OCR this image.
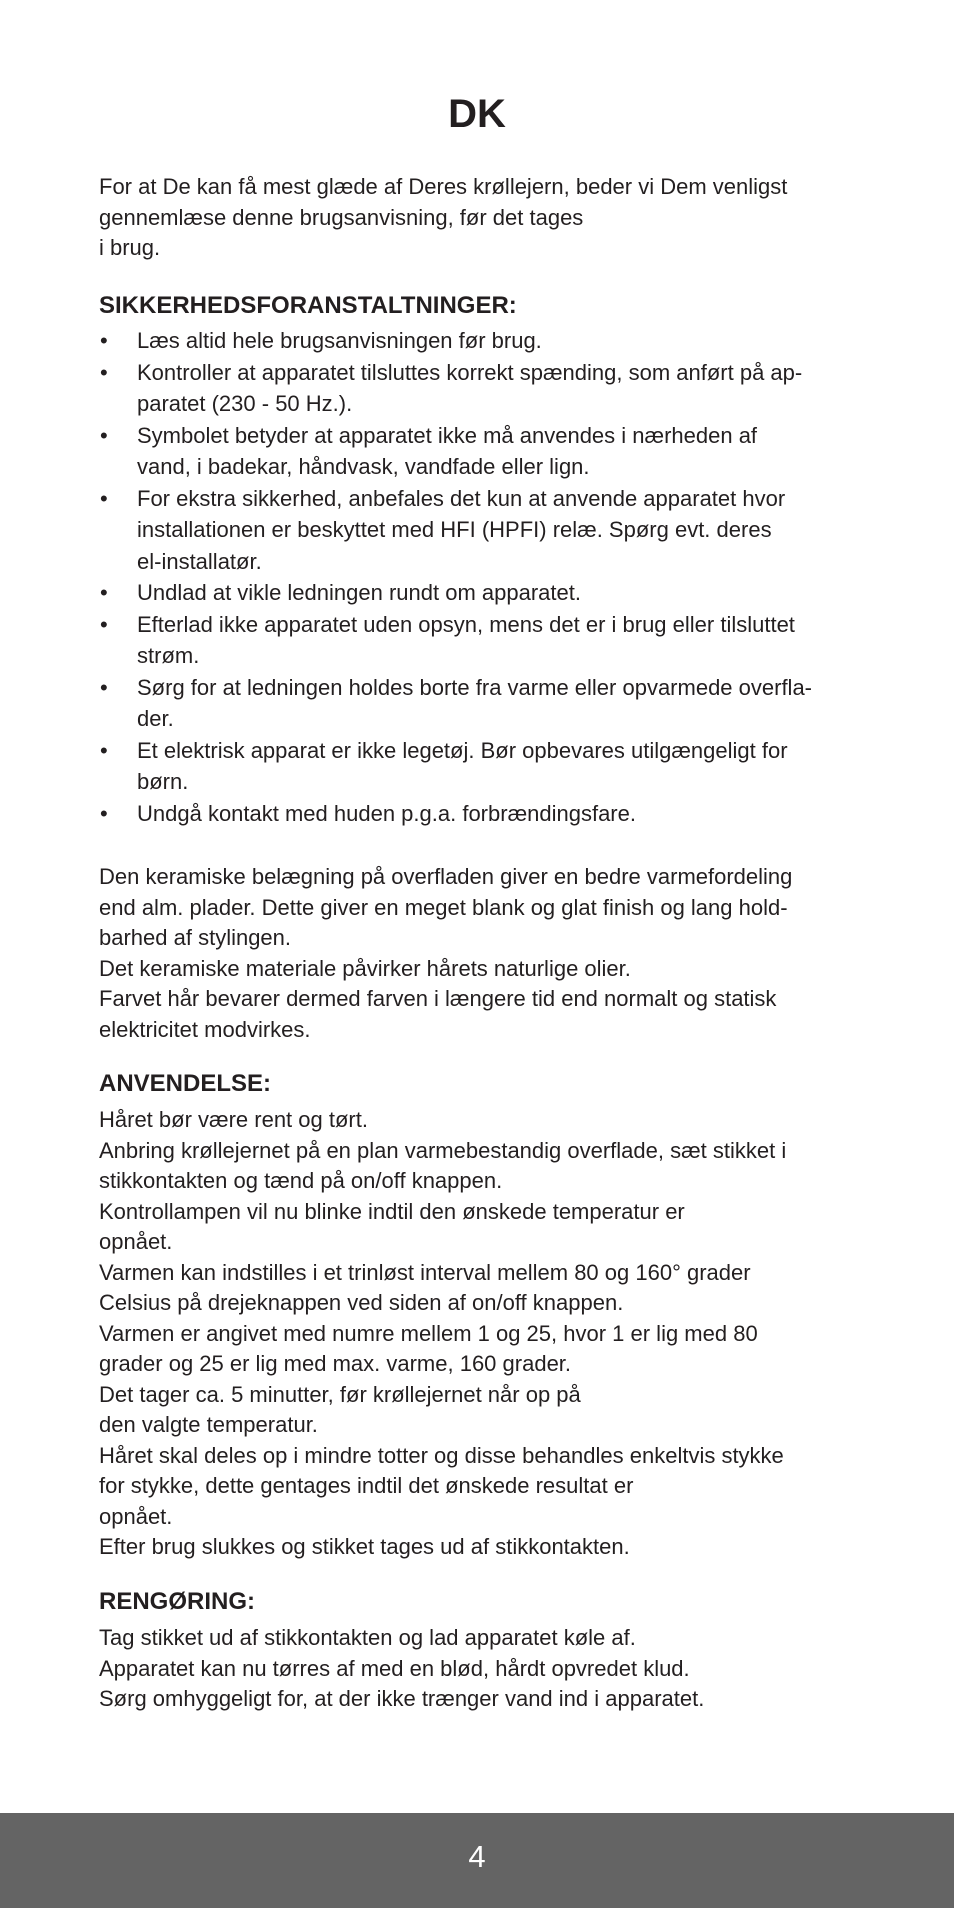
DK

For at De kan få mest glæde af Deres krøllejern, beder vi Dem venligst
gennemlæse denne brugsanvisning, før det tages
i brug.

SIKKERHEDSFORANSTALTNINGER:
•	Læs altid hele brugsanvisningen før brug.
•	Kontroller at apparatet tilsluttes korrekt spænding, som anført på ap-
paratet (230 - 50 Hz.).
•	Symbolet betyder at apparatet ikke må anvendes i nærheden af
vand, i badekar, håndvask, vandfade eller lign.
•	For ekstra sikkerhed, anbefales det kun at anvende apparatet hvor
installationen er beskyttet med HFI (HPFI) relæ. Spørg evt. deres
el-installatør.
•	Undlad at vikle ledningen rundt om apparatet.
•	Efterlad ikke apparatet uden opsyn, mens det er i brug eller tilsluttet
strøm.
•	Sørg for at ledningen holdes borte fra varme eller opvarmede overfla-
der.
•	Et elektrisk apparat er ikke legetøj. Bør opbevares utilgængeligt for
børn.
•	Undgå kontakt med huden p.g.a. forbrændingsfare.

Den keramiske belægning på overfladen giver en bedre varmefordeling
end alm. plader. Dette giver en meget blank og glat finish og lang hold-
barhed af stylingen.
Det keramiske materiale påvirker hårets naturlige olier.
Farvet hår bevarer dermed farven i længere tid end normalt og statisk
elektricitet modvirkes.

ANVENDELSE:

Håret bør være rent og tørt.
Anbring krøllejernet på en plan varmebestandig overflade, sæt stikket i
stikkontakten og tænd på on/off knappen.
Kontrollampen vil nu blinke indtil den ønskede temperatur er
opnået.
Varmen kan indstilles i et trinløst interval mellem 80 og 160° grader
Celsius på drejeknappen ved siden af on/off knappen.
Varmen er angivet med numre mellem 1 og 25, hvor 1 er lig med 80
grader og 25 er lig med max. varme, 160 grader.
Det tager ca. 5 minutter, før krøllejernet når op på
den valgte temperatur.
Håret skal deles op i mindre totter og disse behandles enkeltvis stykke
for stykke, dette gentages indtil det ønskede resultat er
opnået.
Efter brug slukkes og stikket tages ud af stikkontakten.

RENGØRING:

Tag stikket ud af stikkontakten og lad apparatet køle af.
Apparatet kan nu tørres af med en blød, hårdt opvredet klud.
Sørg omhyggeligt for, at der ikke trænger vand ind i apparatet.

4
